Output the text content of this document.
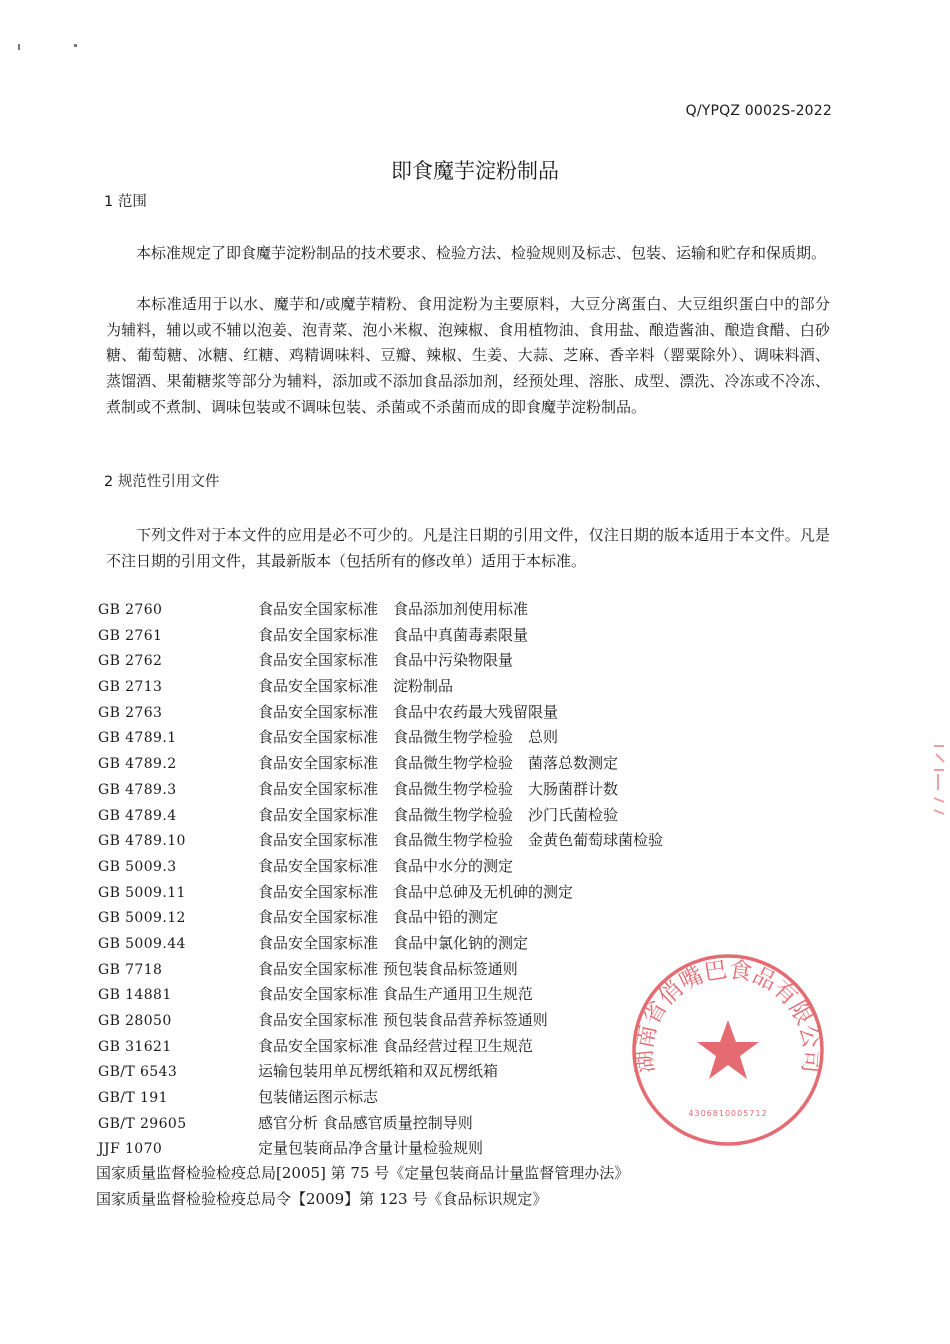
Q/YPQZ 0002S-2022
即食魔芋淀粉制品
1 范围

本标准规定了即食魔芋淀粉制品的技术要求、检验方法、检验规则及标志、包装、运输和贮存和保质期。

本标准适用于以水、魔芋和/或魔芋精粉、食用淀粉为主要原料，大豆分离蛋白、大豆组织蛋白中的部分为辅料，辅以或不辅以泡姜、泡青菜、泡小米椒、泡辣椒、食用植物油、食用盐、酿造酱油、酿造食醋、白砂糖、葡萄糖、冰糖、红糖、鸡精调味料、豆瓣、辣椒、生姜、大蒜、芝麻、香辛料（罂粟除外）、调味料酒、蒸馏酒、果葡糖浆等部分为辅料，添加或不添加食品添加剂，经预处理、溶胀、成型、漂洗、冷冻或不冷冻、煮制或不煮制、调味包装或不调味包装、杀菌或不杀菌而成的即食魔芋淀粉制品。

2 规范性引用文件

下列文件对于本文件的应用是必不可少的。凡是注日期的引用文件，仅注日期的版本适用于本文件。凡是不注日期的引用文件，其最新版本（包括所有的修改单）适用于本标准。

GB 2760	食品安全国家标准　食品添加剂使用标准
GB 2761	食品安全国家标准　食品中真菌毒素限量
GB 2762	食品安全国家标准　食品中污染物限量
GB 2713	食品安全国家标准　淀粉制品
GB 2763	食品安全国家标准　食品中农药最大残留限量
GB 4789.1	食品安全国家标准　食品微生物学检验　总则
GB 4789.2	食品安全国家标准　食品微生物学检验　菌落总数测定
GB 4789.3	食品安全国家标准　食品微生物学检验　大肠菌群计数
GB 4789.4	食品安全国家标准　食品微生物学检验　沙门氏菌检验
GB 4789.10	食品安全国家标准　食品微生物学检验　金黄色葡萄球菌检验
GB 5009.3	食品安全国家标准　食品中水分的测定
GB 5009.11	食品安全国家标准　食品中总砷及无机砷的测定
GB 5009.12	食品安全国家标准　食品中铅的测定
GB 5009.44	食品安全国家标准　食品中氯化钠的测定
GB 7718	食品安全国家标准 预包装食品标签通则
GB 14881	食品安全国家标准 食品生产通用卫生规范
GB 28050	食品安全国家标准 预包装食品营养标签通则
GB 31621	食品安全国家标准 食品经营过程卫生规范
GB/T 6543	运输包装用单瓦楞纸箱和双瓦楞纸箱
GB/T 191	包装储运图示标志
GB/T 29605	感官分析 食品感官质量控制导则
JJF 1070	定量包装商品净含量计量检验规则
国家质量监督检验检疫总局[2005] 第 75 号《定量包装商品计量监督管理办法》
国家质量监督检验检疫总局令【2009】第 123 号《食品标识规定》
湖南省俏嘴巴食品有限公司
4306810005712
